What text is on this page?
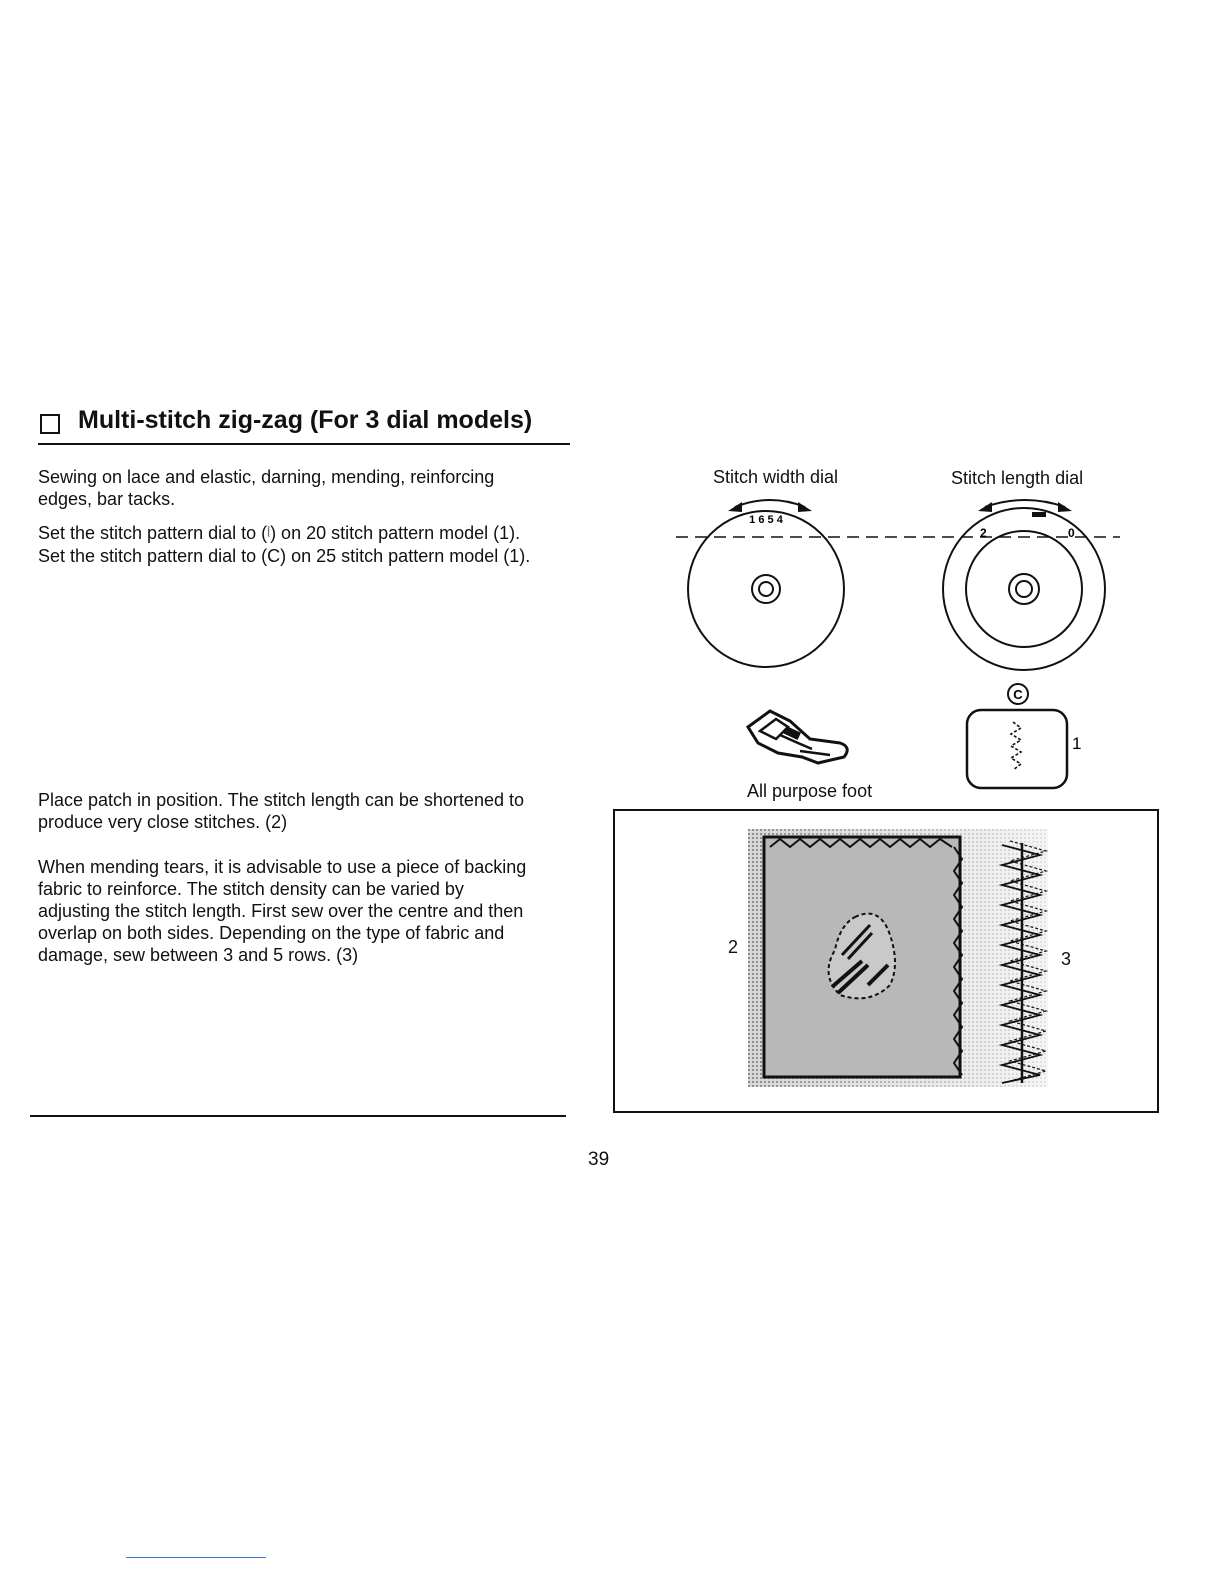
Multi-stitch zig-zag (For 3 dial models)
Sewing on lace and elastic, darning, mending, reinforcing
edges, bar tacks.
Set the stitch pattern dial to (⦚) on 20 stitch pattern model (1).
Set the stitch pattern dial to (C) on 25 stitch pattern model (1).
Place patch in position. The stitch length can be shortened to
produce very close stitches. (2)
When mending tears, it is advisable to use a piece of backing
fabric to reinforce. The stitch density can be varied by
adjusting the stitch length. First sew over the centre and then
overlap on both sides. Depending on the type of fabric and
damage, sew between 3 and 5 rows. (3)
Stitch width dial	Stitch length dial
1 6 5 4
2	0
C
1
All purpose foot
2
3
39
